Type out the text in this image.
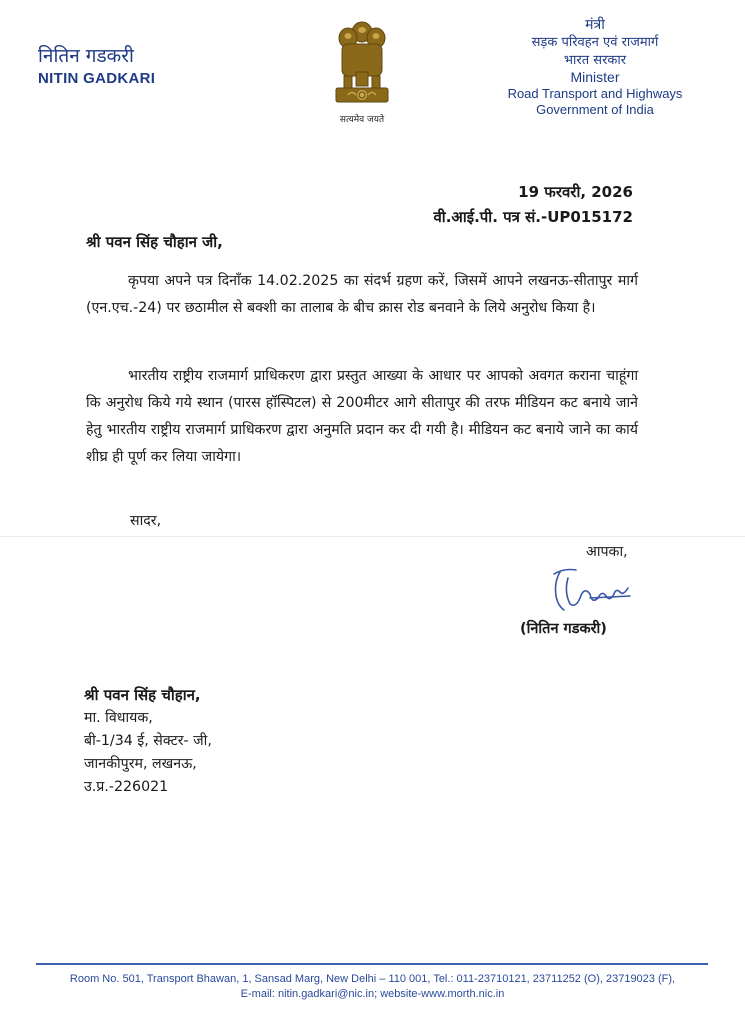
नितिन गडकरी
NITIN GADKARI
सत्यमेव जयते
मंत्री
सड़क परिवहन एवं राजमार्ग
भारत सरकार
Minister
Road Transport and Highways
Government of India
19 फरवरी, 2026
वी.आई.पी. पत्र सं.-UP015172
श्री पवन सिंह चौहान जी,
कृपया अपने पत्र दिनाँक 14.02.2025 का संदर्भ ग्रहण करें, जिसमें आपने लखनऊ-सीतापुर मार्ग (एन.एच.-24) पर छठामील से बक्शी का तालाब के बीच क्रास रोड बनवाने के लिये अनुरोध किया है।
भारतीय राष्ट्रीय राजमार्ग प्राधिकरण द्वारा प्रस्तुत आख्या के आधार पर आपको अवगत कराना चाहूंगा कि अनुरोध किये गये स्थान (पारस हॉस्पिटल) से 200मीटर आगे सीतापुर की तरफ मीडियन कट बनाये जाने हेतु भारतीय राष्ट्रीय राजमार्ग प्राधिकरण द्वारा अनुमति प्रदान कर दी गयी है। मीडियन कट बनाये जाने का कार्य शीघ्र ही पूर्ण कर लिया जायेगा।
सादर,
आपका,
(नितिन गडकरी)
श्री पवन सिंह चौहान,
मा. विधायक,
बी-1/34 ई, सेक्टर- जी,
जानकीपुरम, लखनऊ,
उ.प्र.-226021
Room No. 501, Transport Bhawan, 1, Sansad Marg, New Delhi – 110 001, Tel.: 011-23710121, 23711252 (O), 23719023 (F),
E-mail: nitin.gadkari@nic.in; website-www.morth.nic.in
